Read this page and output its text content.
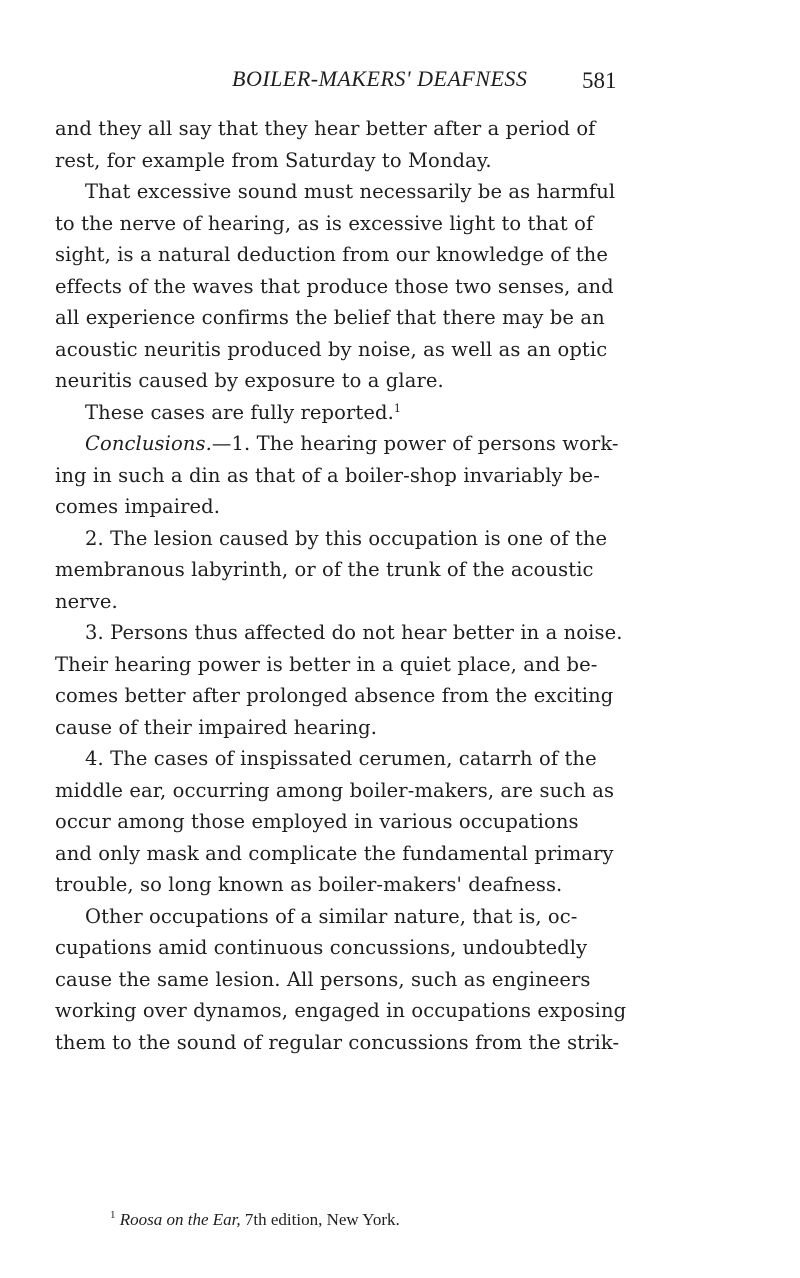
BOILER-MAKERS' DEAFNESS 581
and they all say that they hear better after a period of
rest, for example from Saturday to Monday.
That excessive sound must necessarily be as harmful
to the nerve of hearing, as is excessive light to that of
sight, is a natural deduction from our knowledge of the
effects of the waves that produce those two senses, and
all experience confirms the belief that there may be an
acoustic neuritis produced by noise, as well as an optic
neuritis caused by exposure to a glare.
These cases are fully reported.$^1$
Conclusions.—1. The hearing power of persons work-
ing in such a din as that of a boiler-shop invariably be-
comes impaired.
2. The lesion caused by this occupation is one of the
membranous labyrinth, or of the trunk of the acoustic
nerve.
3. Persons thus affected do not hear better in a noise.
Their hearing power is better in a quiet place, and be-
comes better after prolonged absence from the exciting
cause of their impaired hearing.
4. The cases of inspissated cerumen, catarrh of the
middle ear, occurring among boiler-makers, are such as
occur among those employed in various occupations
and only mask and complicate the fundamental primary
trouble, so long known as boiler-makers' deafness.
Other occupations of a similar nature, that is, oc-
cupations amid continuous concussions, undoubtedly
cause the same lesion. All persons, such as engineers
working over dynamos, engaged in occupations exposing
them to the sound of regular concussions from the strik-
$^1$ Roosa on the Ear, 7th edition, New York.
